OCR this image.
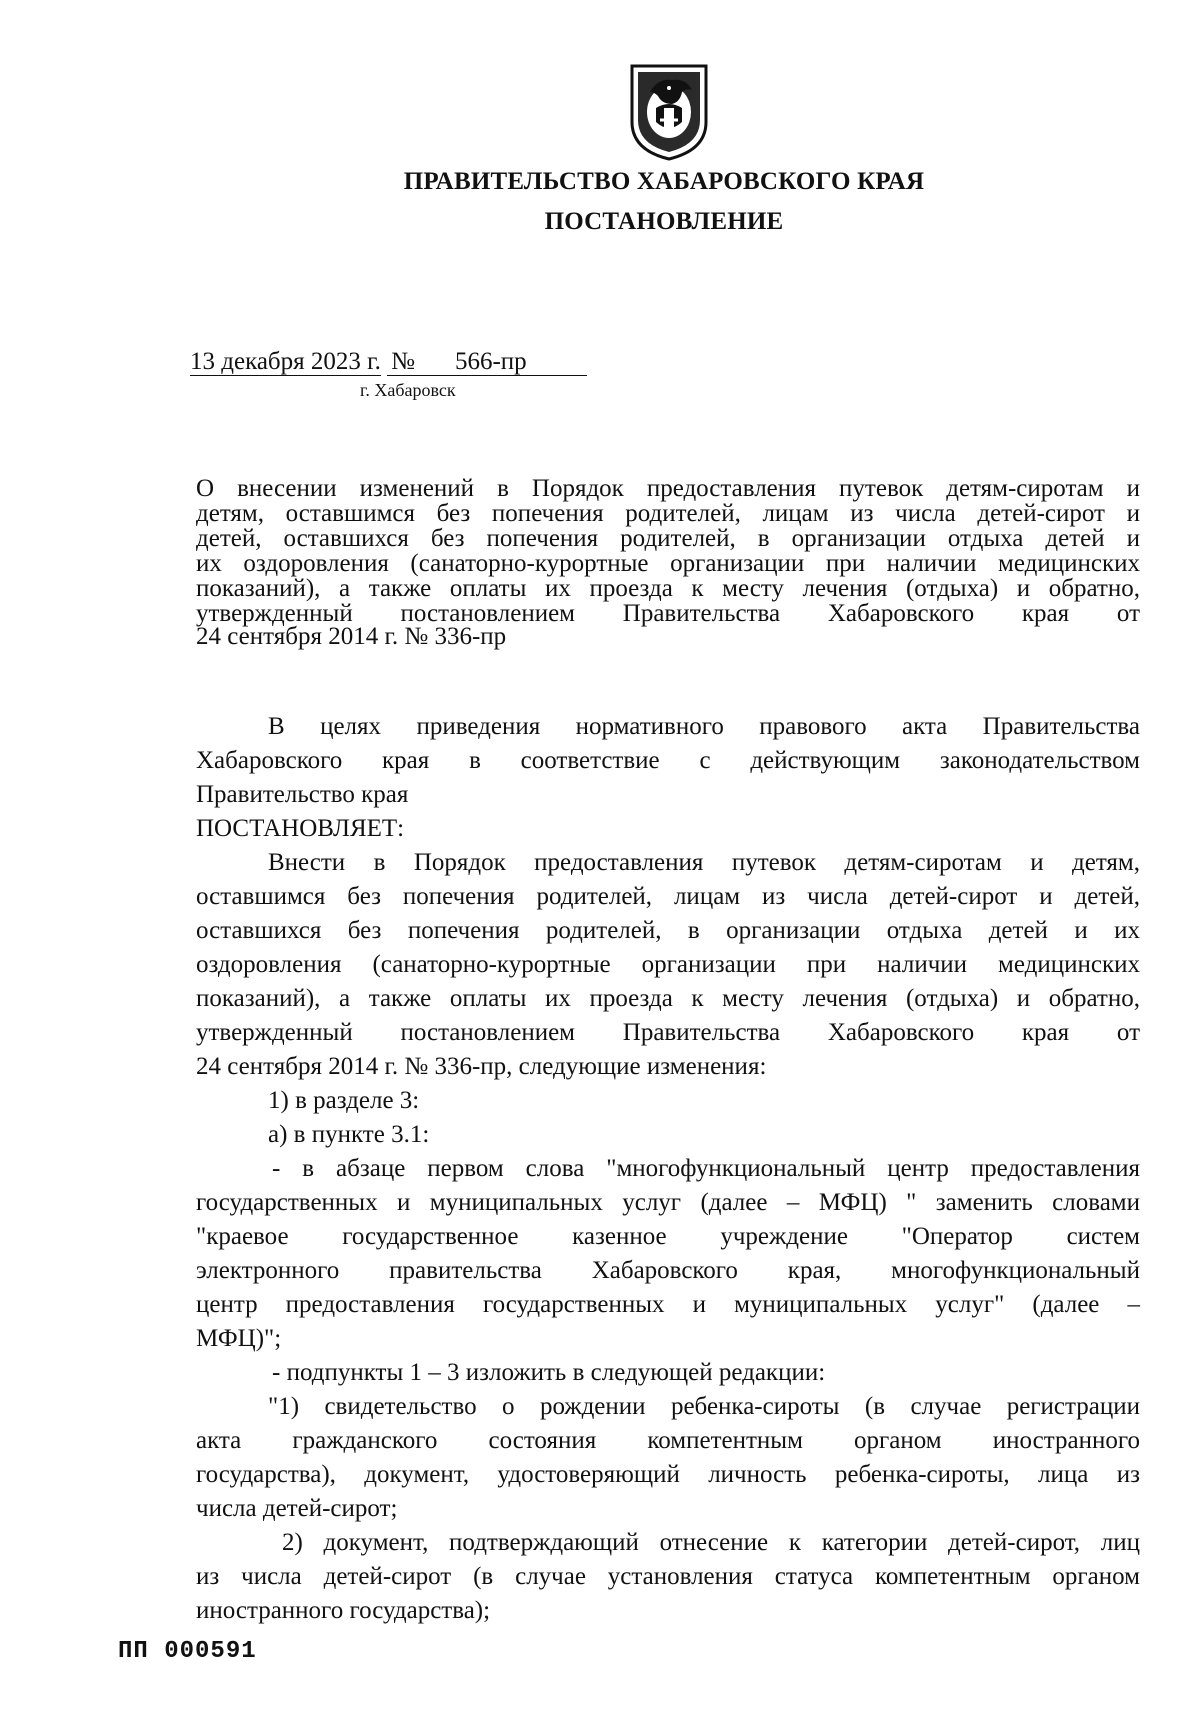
ПРАВИТЕЛЬСТВО ХАБАРОВСКОГО КРАЯ
ПОСТАНОВЛЕНИЕ
13 декабря 2023 г. № 566-пр
г. Хабаровск
О внесении изменений в Порядок предоставления путевок детям-сиротам и
детям, оставшимся без попечения родителей, лицам из числа детей-сирот и
детей, оставшихся без попечения родителей, в организации отдыха детей и
их оздоровления (санаторно-курортные организации при наличии медицинских
показаний), а также оплаты их проезда к месту лечения (отдыха) и обратно,
утвержденный постановлением Правительства Хабаровского края от
24 сентября 2014 г. № 336-пр
В целях приведения нормативного правового акта Правительства
Хабаровского края в соответствие с действующим законодательством
Правительство края
ПОСТАНОВЛЯЕТ:
Внести в Порядок предоставления путевок детям-сиротам и детям,
оставшимся без попечения родителей, лицам из числа детей-сирот и детей,
оставшихся без попечения родителей, в организации отдыха детей и их
оздоровления (санаторно-курортные организации при наличии медицинских
показаний), а также оплаты их проезда к месту лечения (отдыха) и обратно,
утвержденный постановлением Правительства Хабаровского края от
24 сентября 2014 г. № 336-пр, следующие изменения:
1) в разделе 3:
а) в пункте 3.1:
- в абзаце первом слова "многофункциональный центр предоставления
государственных и муниципальных услуг (далее – МФЦ) " заменить словами
"краевое государственное казенное учреждение "Оператор систем
электронного правительства Хабаровского края, многофункциональный
центр предоставления государственных и муниципальных услуг" (далее –
МФЦ)";
- подпункты 1 – 3 изложить в следующей редакции:
"1) свидетельство о рождении ребенка-сироты (в случае регистрации
акта гражданского состояния компетентным органом иностранного
государства), документ, удостоверяющий личность ребенка-сироты, лица из
числа детей-сирот;
2) документ, подтверждающий отнесение к категории детей-сирот, лиц
из числа детей-сирот (в случае установления статуса компетентным органом
иностранного государства);
ПП 000591
